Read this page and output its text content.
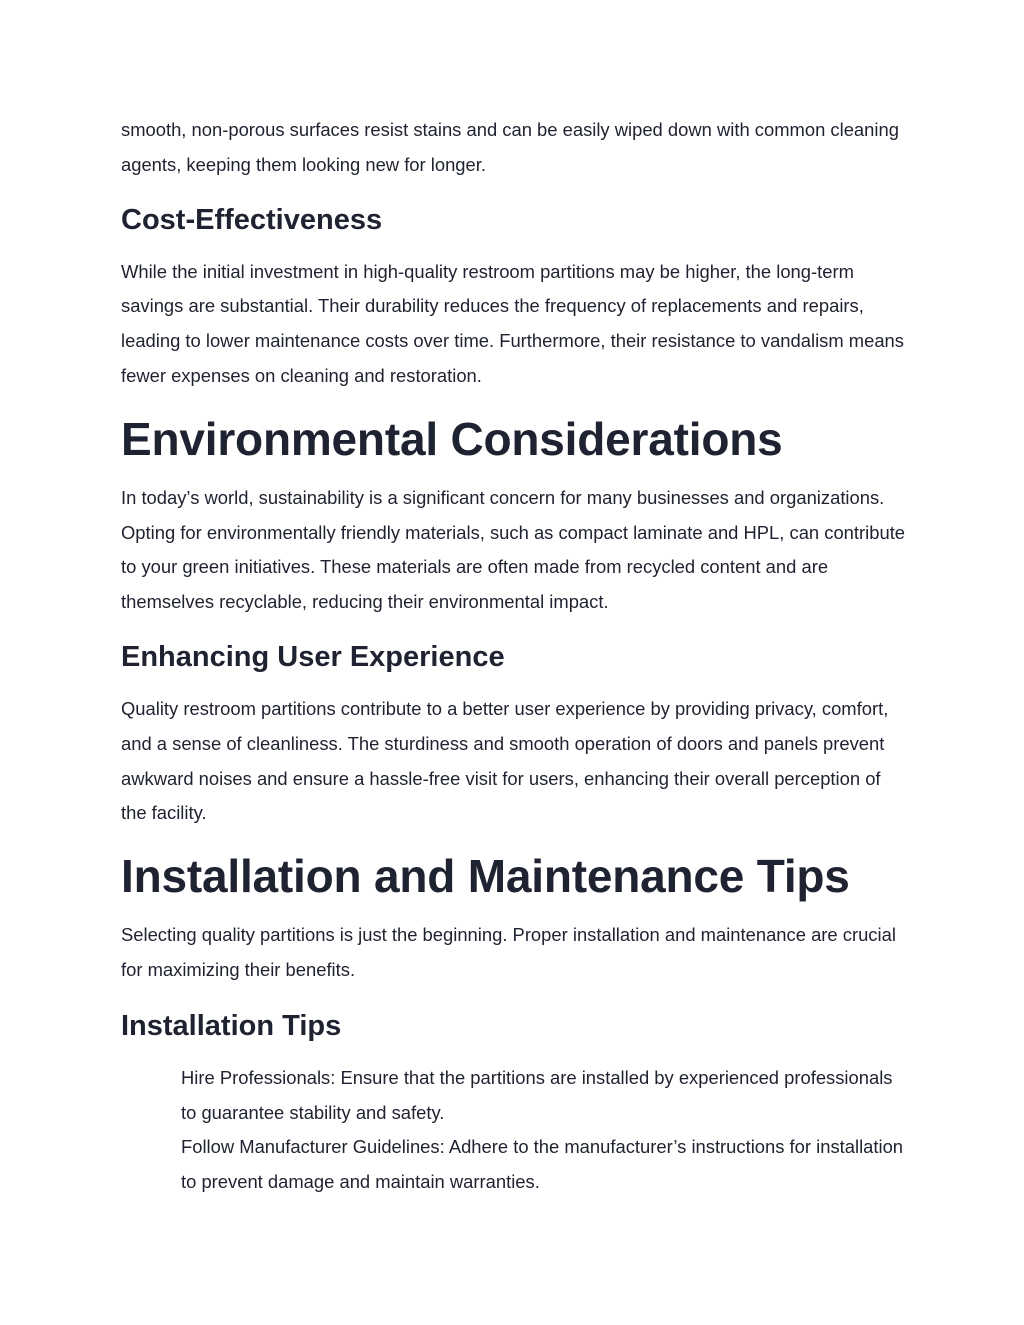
smooth, non-porous surfaces resist stains and can be easily wiped down with common cleaning agents, keeping them looking new for longer.

Cost-Effectiveness

While the initial investment in high-quality restroom partitions may be higher, the long-term savings are substantial. Their durability reduces the frequency of replacements and repairs, leading to lower maintenance costs over time. Furthermore, their resistance to vandalism means fewer expenses on cleaning and restoration.

Environmental Considerations

In today’s world, sustainability is a significant concern for many businesses and organizations. Opting for environmentally friendly materials, such as compact laminate and HPL, can contribute to your green initiatives. These materials are often made from recycled content and are themselves recyclable, reducing their environmental impact.

Enhancing User Experience

Quality restroom partitions contribute to a better user experience by providing privacy, comfort, and a sense of cleanliness. The sturdiness and smooth operation of doors and panels prevent awkward noises and ensure a hassle-free visit for users, enhancing their overall perception of the facility.

Installation and Maintenance Tips

Selecting quality partitions is just the beginning. Proper installation and maintenance are crucial for maximizing their benefits.

Installation Tips
Hire Professionals: Ensure that the partitions are installed by experienced professionals to guarantee stability and safety.
Follow Manufacturer Guidelines: Adhere to the manufacturer’s instructions for installation to prevent damage and maintain warranties.
